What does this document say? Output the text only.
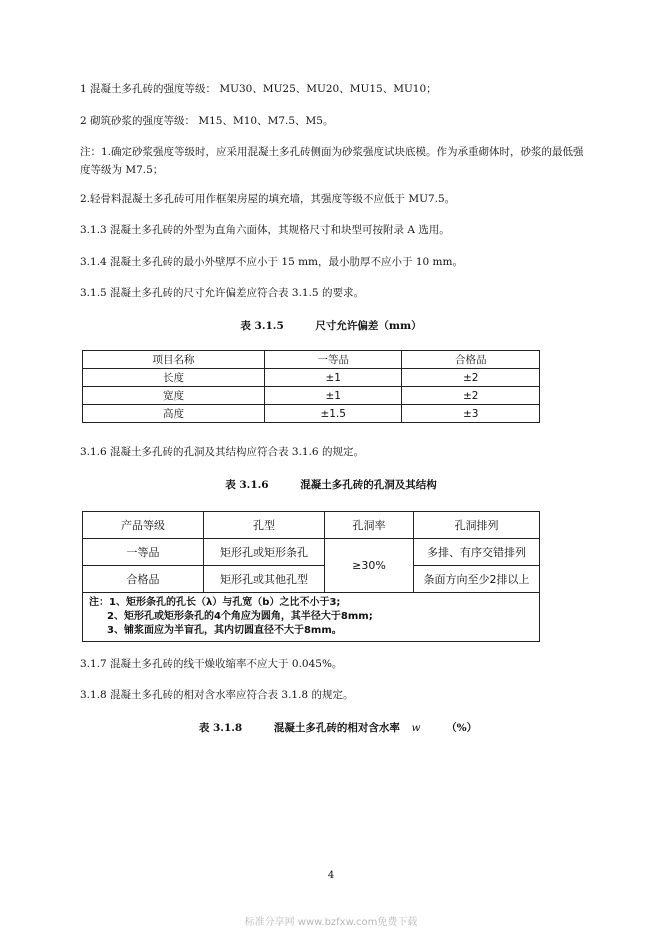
1 混凝土多孔砖的强度等级： MU30、MU25、MU20、MU15、MU10；

2 砌筑砂浆的强度等级： M15、M10、M7.5、M5。

注：1.确定砂浆强度等级时，应采用混凝土多孔砖侧面为砂浆强度试块底模。作为承重砌体时，砂浆的最低强度等级为 M7.5；

2.轻骨料混凝土多孔砖可用作框架房屋的填充墙，其强度等级不应低于 MU7.5。

3.1.3 混凝土多孔砖的外型为直角六面体，其规格尺寸和块型可按附录 A 选用。

3.1.4 混凝土多孔砖的最小外壁厚不应小于 15 mm，最小肋厚不应小于 10 mm。

3.1.5 混凝土多孔砖的尺寸允许偏差应符合表 3.1.5 的要求。

表 3.1.5	尺寸允许偏差（mm）
项目名称	一等品	合格品
长度	±1	±2
宽度	±1	±2
高度	±1.5	±3

3.1.6 混凝土多孔砖的孔洞及其结构应符合表 3.1.6 的规定。

表 3.1.6	混凝土多孔砖的孔洞及其结构
产品等级	孔型	孔洞率	孔洞排列
一等品	矩形孔或矩形条孔	≥30%	多排、有序交错排列
合格品	矩形孔或其他孔型		条面方向至少2排以上

注：1、矩形条孔的孔长（λ）与孔宽（b）之比不小于3;
2、矩形孔或矩形条孔的4个角应为圆角，其半径大于8mm;
3、铺浆面应为半盲孔，其内切圆直径不大于8mm。			

3.1.7 混凝土多孔砖的线干燥收缩率不应大于 0.045%。

3.1.8 混凝土多孔砖的相对含水率应符合表 3.1.8 的规定。

表 3.1.8	混凝土多孔砖的相对含水率 w （%）
4
标准分享网 www.bzfxw.com免费下载
